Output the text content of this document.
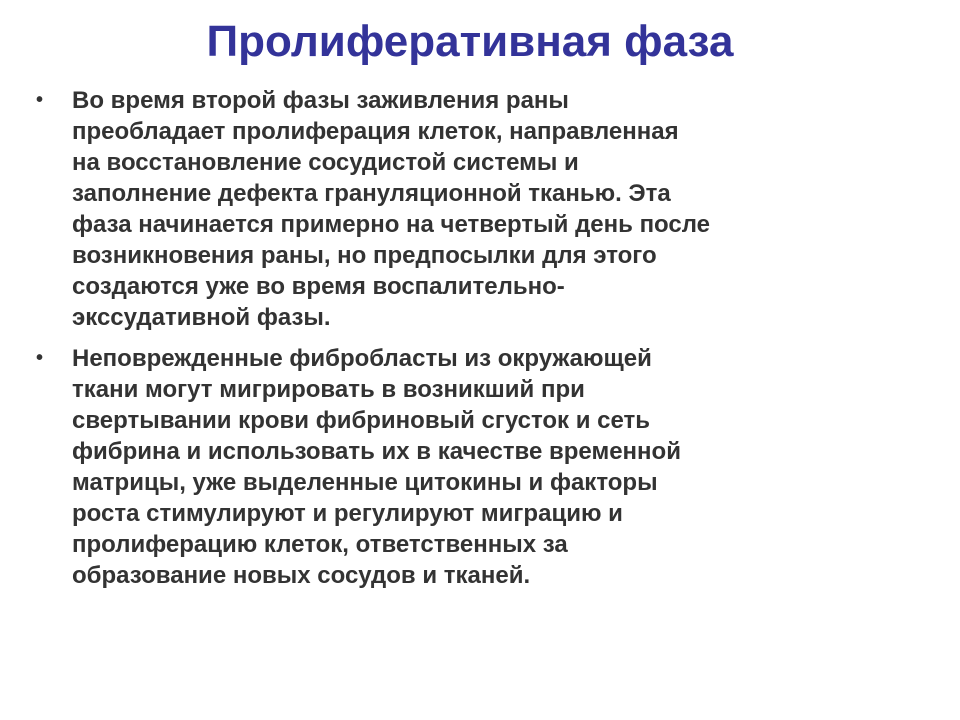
Пролиферативная фаза
• Во время второй фазы заживления раны
преобладает пролиферация клеток, направленная
на восстановление сосудистой системы и
заполнение дефекта грануляционной тканью. Эта
фаза начинается примерно на четвертый день после
возникновения раны, но предпосылки для этого
создаются уже во время воспалительно-
экссудативной фазы.
• Неповрежденные фибробласты из окружающей
ткани могут мигрировать в возникший при
свертывании крови фибриновый сгусток и сеть
фибрина и использовать их в качестве временной
матрицы, уже выделенные цитокины и факторы
роста стимулируют и регулируют миграцию и
пролиферацию клеток, ответственных за
образование новых сосудов и тканей.
